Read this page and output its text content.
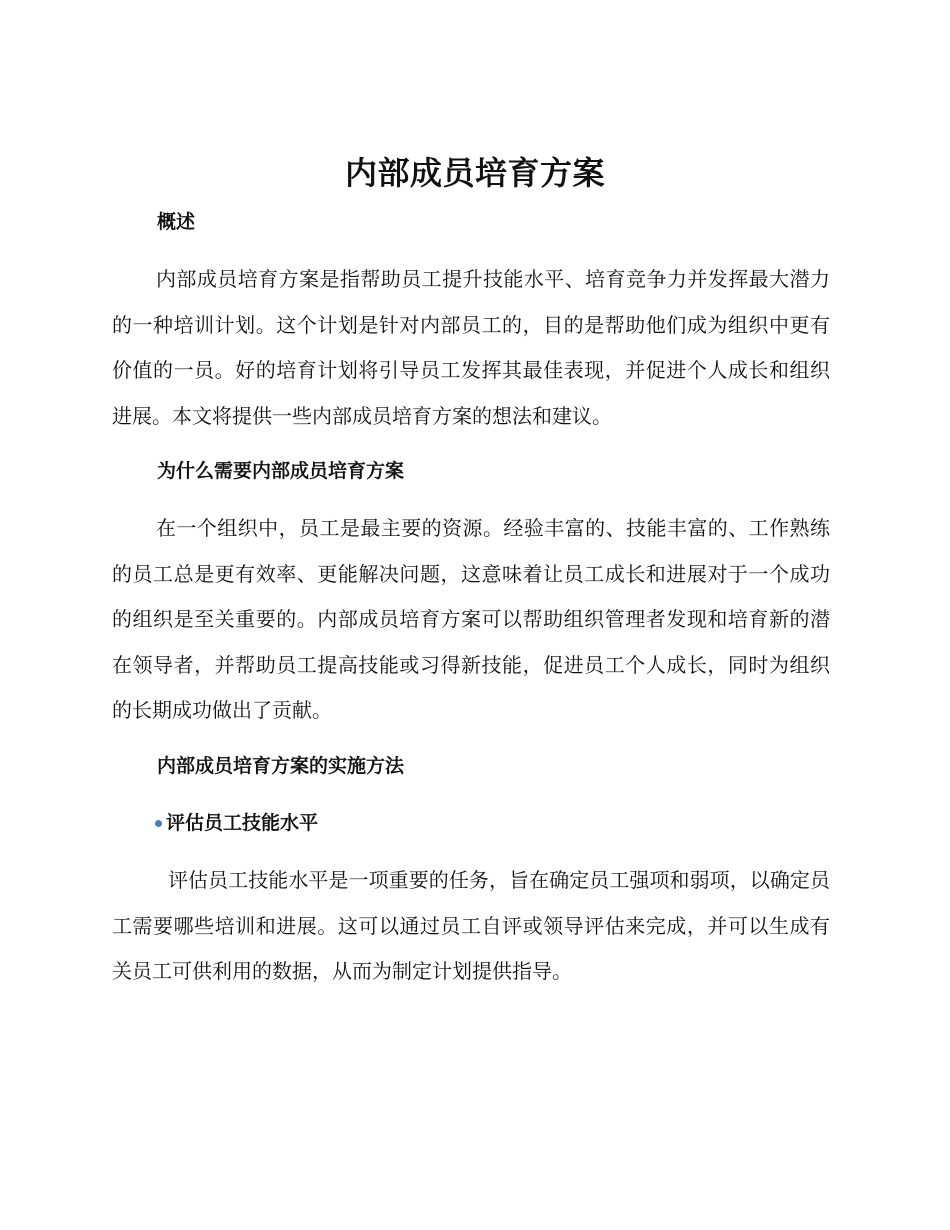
内部成员培育方案
概述

内部成员培育方案是指帮助员工提升技能水平、培育竞争力并发挥最大潜力的一种培训计划。这个计划是针对内部员工的，目的是帮助他们成为组织中更有价值的一员。好的培育计划将引导员工发挥其最佳表现，并促进个人成长和组织进展。本文将提供一些内部成员培育方案的想法和建议。

为什么需要内部成员培育方案

在一个组织中，员工是最主要的资源。经验丰富的、技能丰富的、工作熟练的员工总是更有效率、更能解决问题，这意味着让员工成长和进展对于一个成功的组织是至关重要的。内部成员培育方案可以帮助组织管理者发现和培育新的潜在领导者，并帮助员工提高技能或习得新技能，促进员工个人成长，同时为组织的长期成功做出了贡献。

内部成员培育方案的实施方法
评估员工技能水平

评估员工技能水平是一项重要的任务，旨在确定员工强项和弱项，以确定员工需要哪些培训和进展。这可以通过员工自评或领导评估来完成，并可以生成有关员工可供利用的数据，从而为制定计划提供指导。
